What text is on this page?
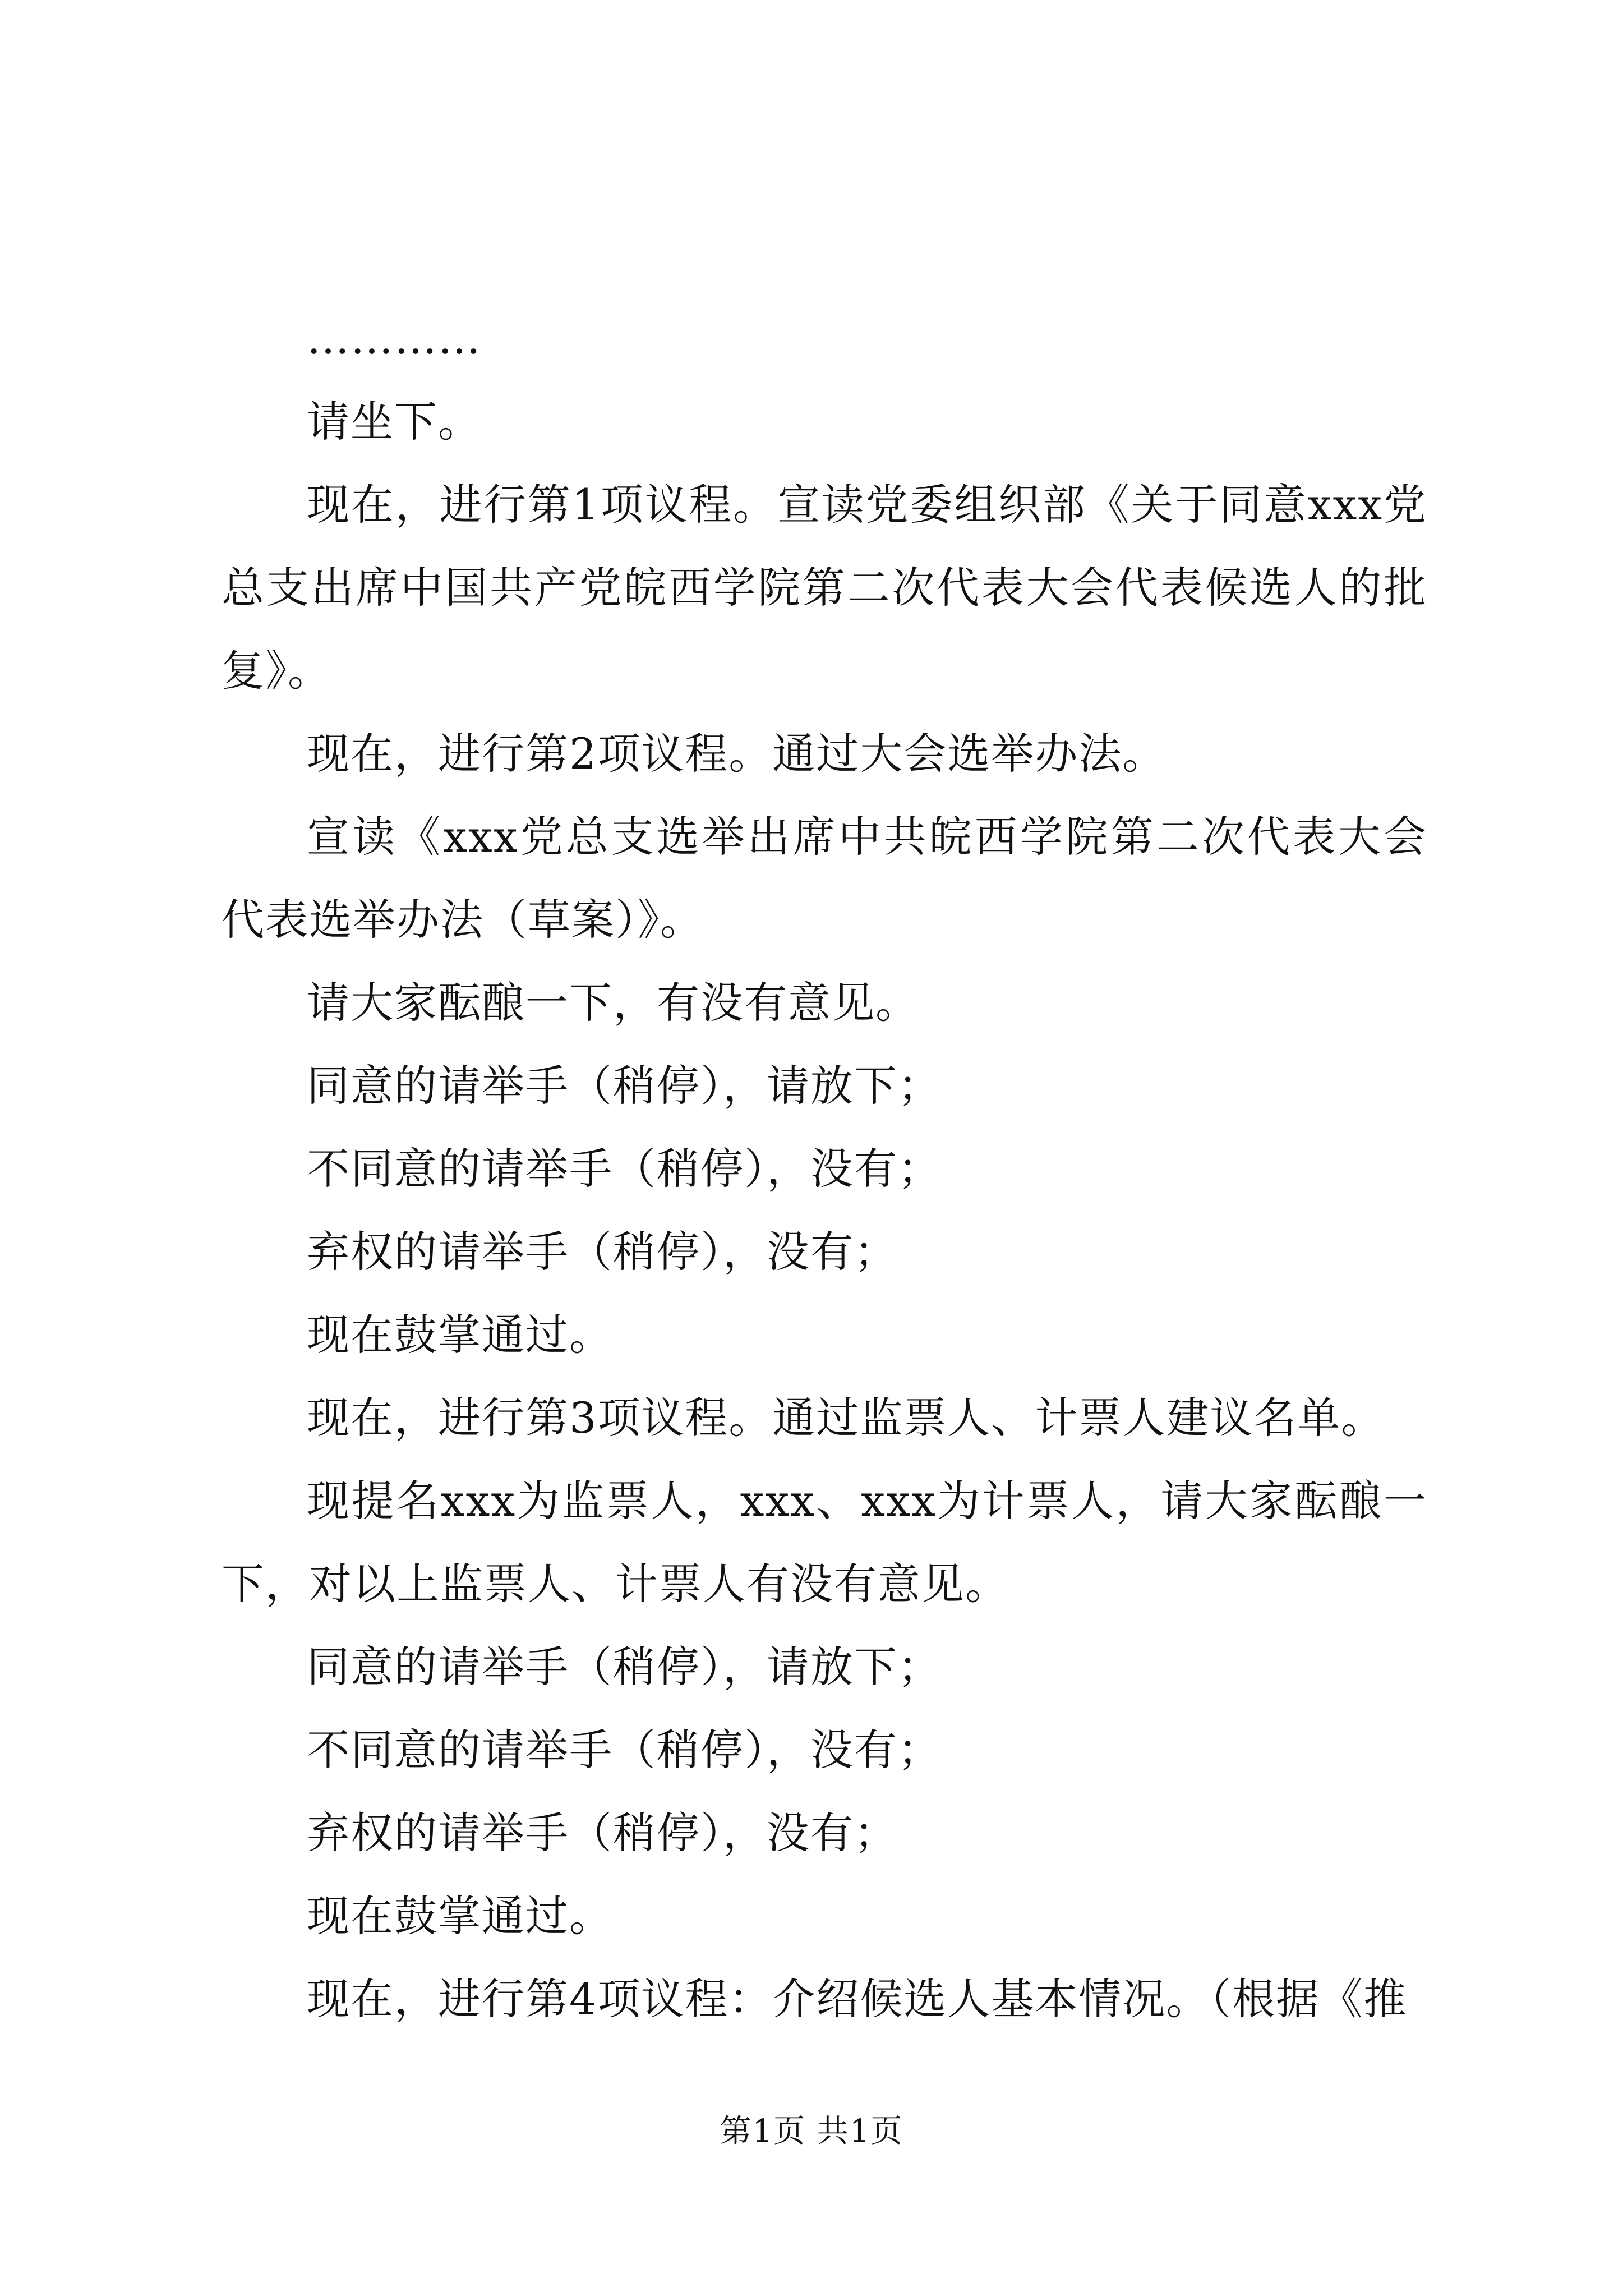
…………

请坐下。

现在，进行第1项议程。宣读党委组织部《关于同意xxx党总支出席中国共产党皖西学院第二次代表大会代表候选人的批复》。

现在，进行第2项议程。通过大会选举办法。

宣读《xxx党总支选举出席中共皖西学院第二次代表大会代表选举办法（草案）》。

请大家酝酿一下，有没有意见。

同意的请举手（稍停），请放下；

不同意的请举手（稍停），没有；

弃权的请举手（稍停），没有；

现在鼓掌通过。

现在，进行第3项议程。通过监票人、计票人建议名单。

现提名xxx为监票人，xxx、xxx为计票人，请大家酝酿一下，对以上监票人、计票人有没有意见。

同意的请举手（稍停），请放下；

不同意的请举手（稍停），没有；

弃权的请举手（稍停），没有；

现在鼓掌通过。

现在，进行第4项议程：介绍候选人基本情况。（根据《推

第1页 共1页
